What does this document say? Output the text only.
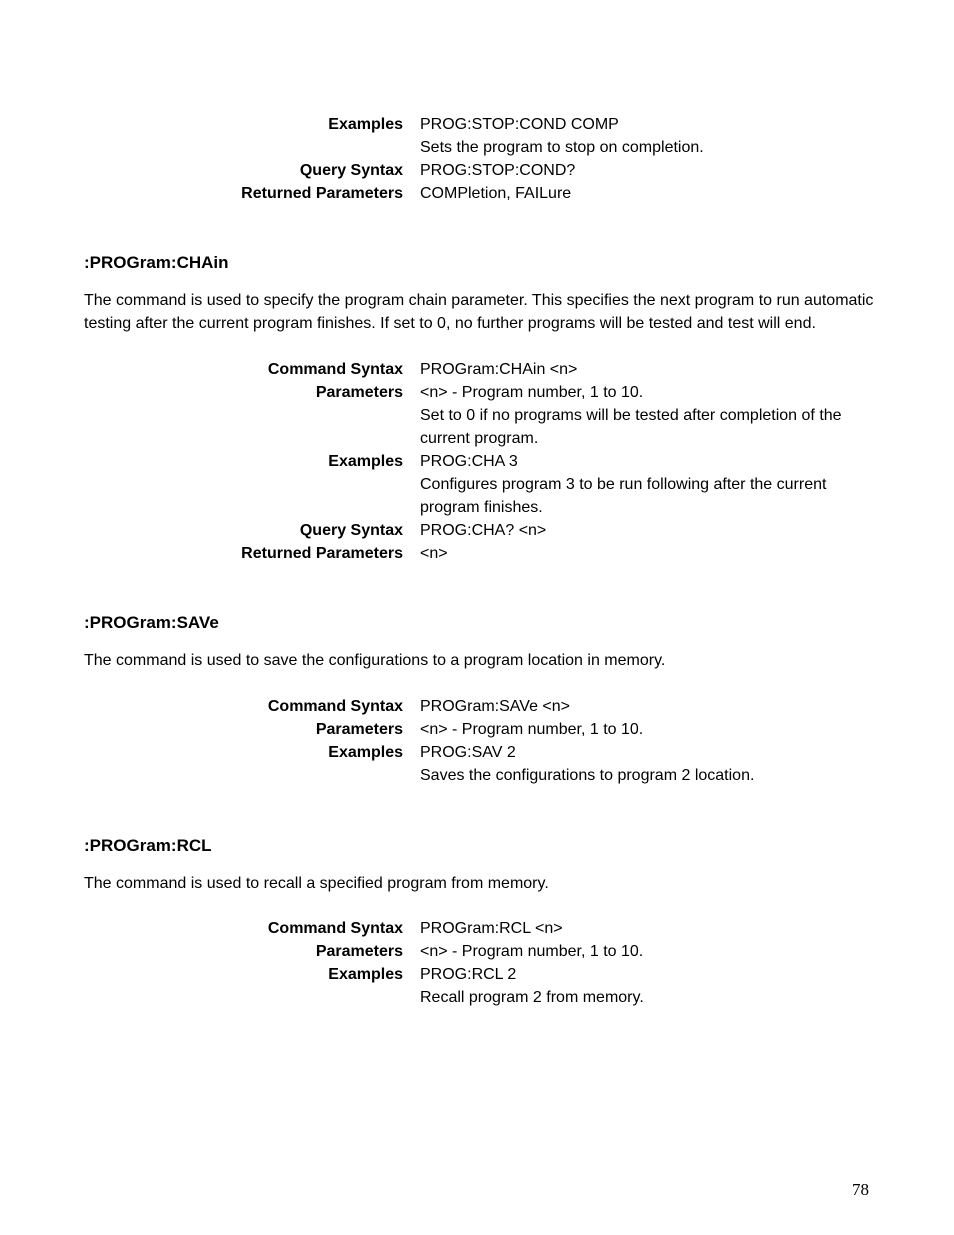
Examples PROG:STOP:COND COMP
Sets the program to stop on completion.
Query Syntax PROG:STOP:COND?
Returned Parameters COMPletion, FAILure
:PROGram:CHAin
The command is used to specify the program chain parameter. This specifies the next program to run automatic testing after the current program finishes. If set to 0, no further programs will be tested and test will end.
Command Syntax PROGram:CHAin <n>
Parameters <n> - Program number, 1 to 10.
Set to 0 if no programs will be tested after completion of the current program.
Examples PROG:CHA 3
Configures program 3 to be run following after the current program finishes.
Query Syntax PROG:CHA? <n>
Returned Parameters <n>
:PROGram:SAVe
The command is used to save the configurations to a program location in memory.
Command Syntax PROGram:SAVe <n>
Parameters <n> - Program number, 1 to 10.
Examples PROG:SAV 2
Saves the configurations to program 2 location.
:PROGram:RCL
The command is used to recall a specified program from memory.
Command Syntax PROGram:RCL <n>
Parameters <n> - Program number, 1 to 10.
Examples PROG:RCL 2
Recall program 2 from memory.
78
